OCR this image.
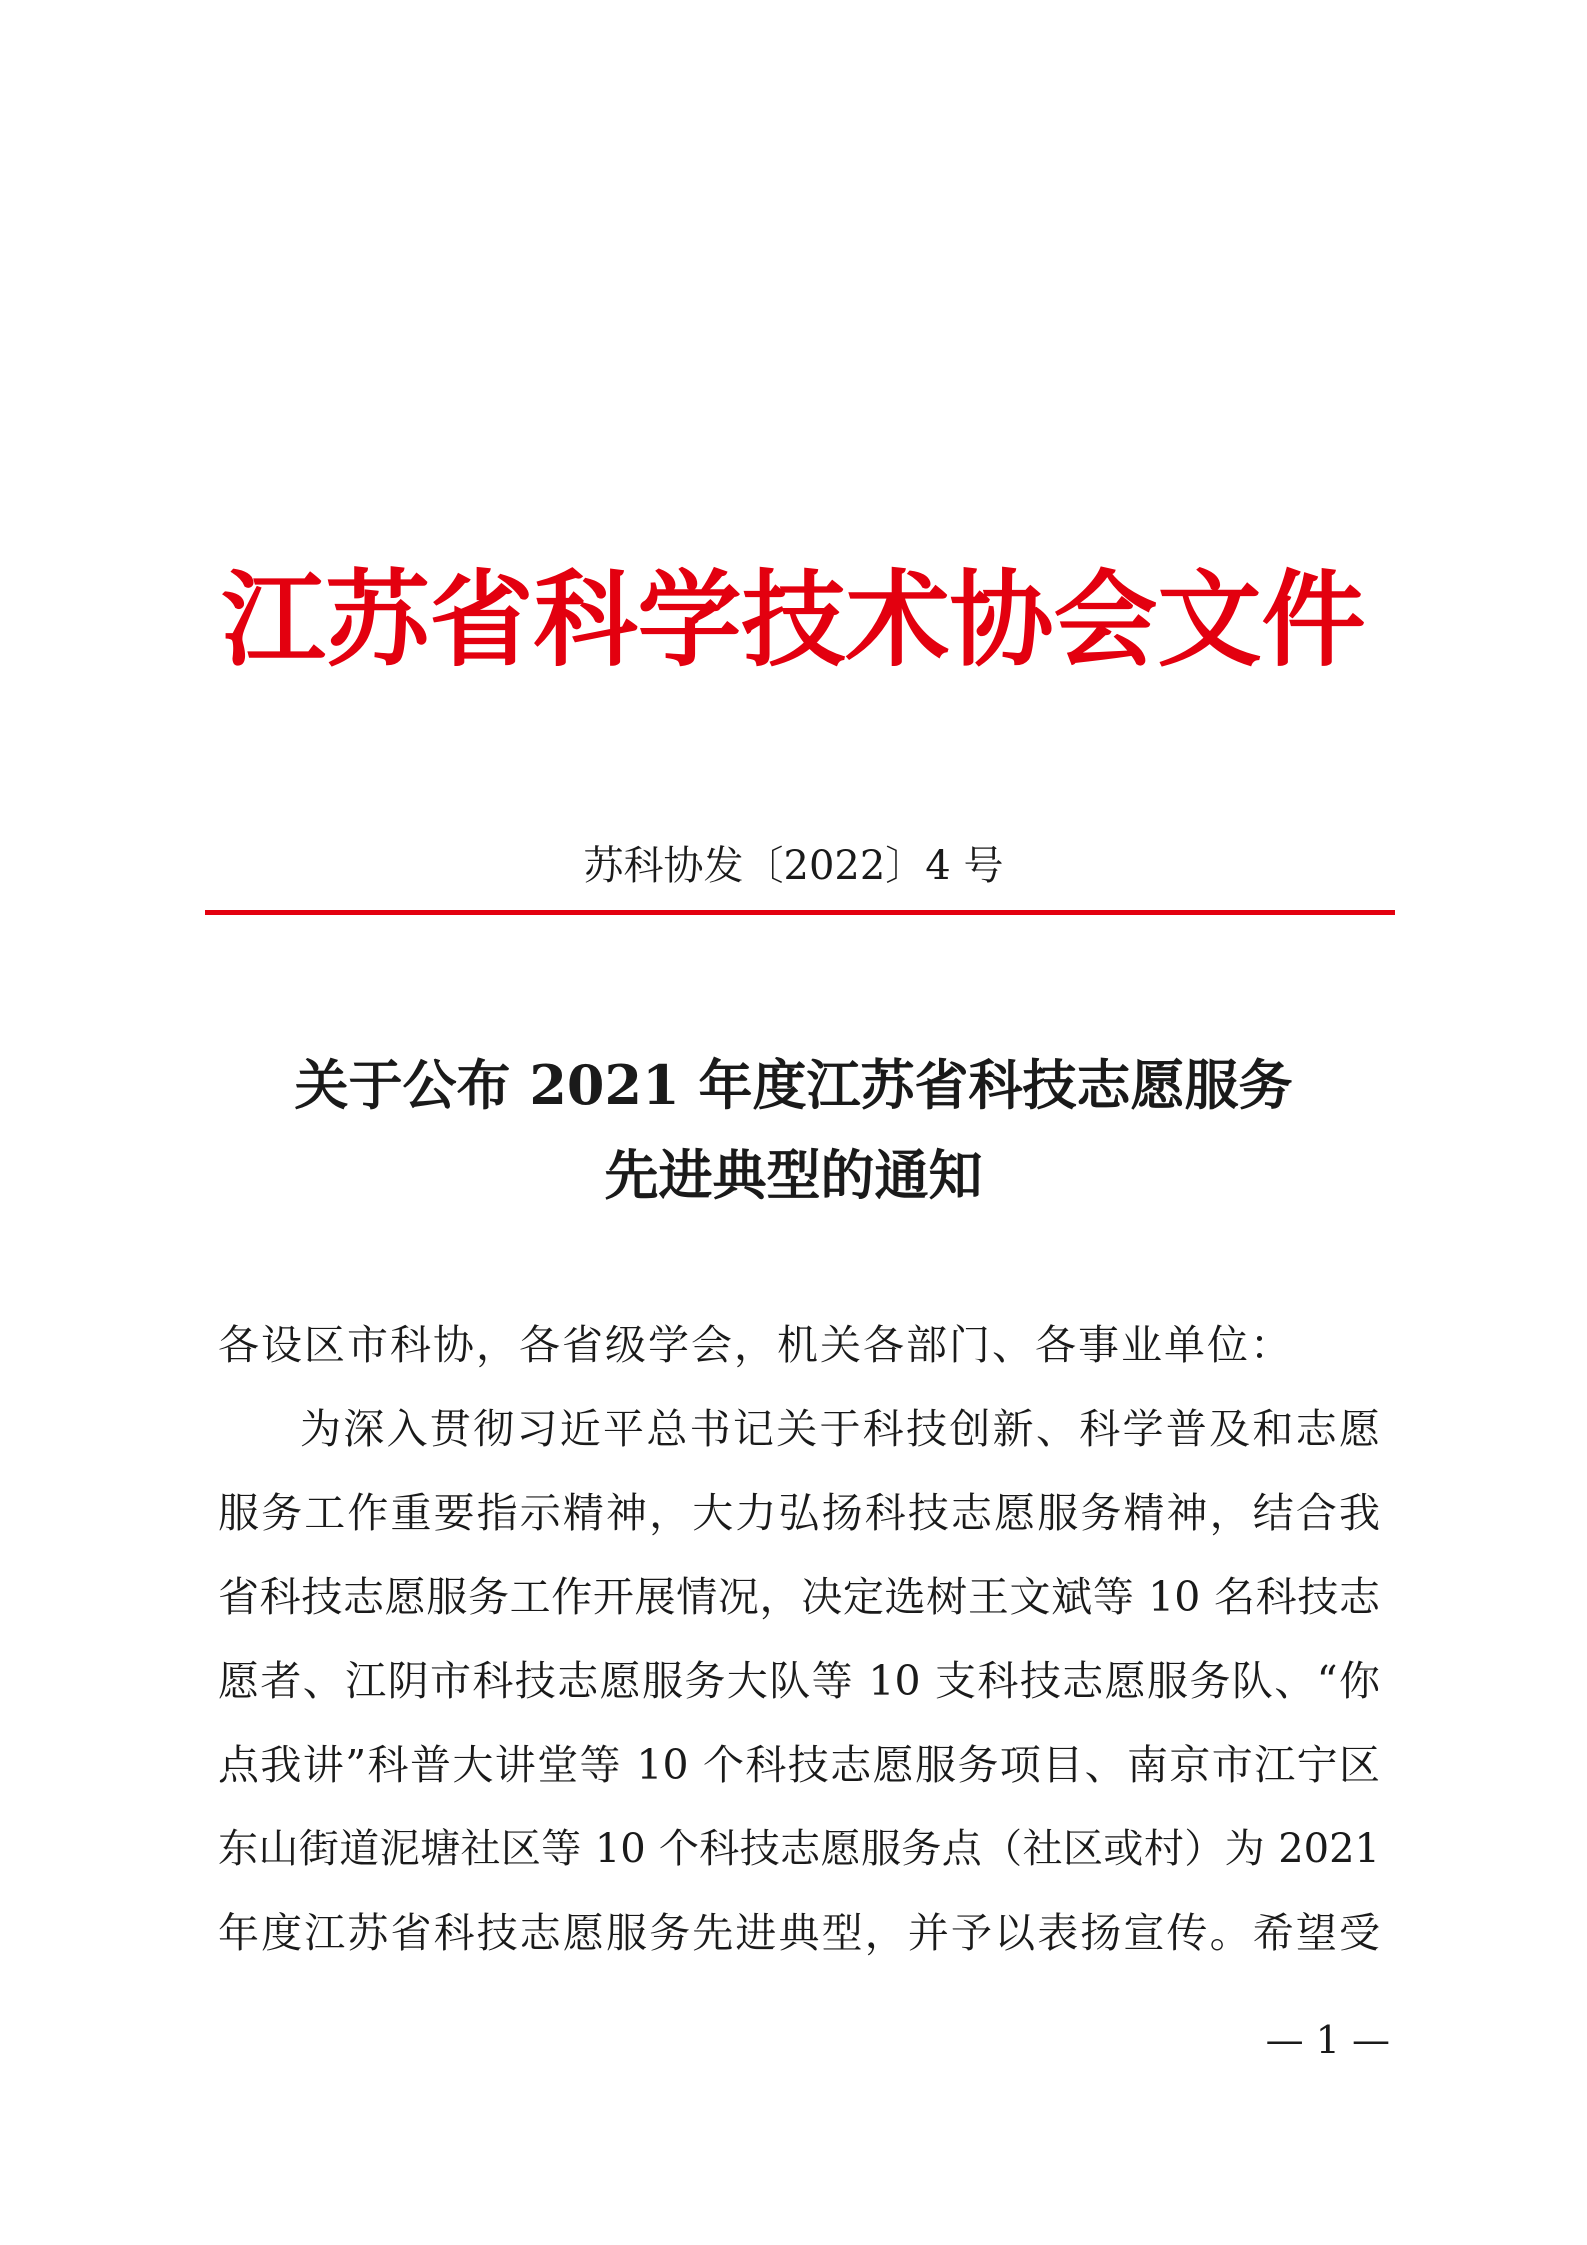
江苏省科学技术协会文件
苏科协发〔2022〕4 号
关于公布 2021 年度江苏省科技志愿服务
先进典型的通知
各设区市科协，各省级学会，机关各部门、各事业单位：
为深入贯彻习近平总书记关于科技创新、科学普及和志愿
服务工作重要指示精神，大力弘扬科技志愿服务精神，结合我
省科技志愿服务工作开展情况，决定选树王文斌等 10 名科技志
愿者、江阴市科技志愿服务大队等 10 支科技志愿服务队、“你
点我讲”科普大讲堂等 10 个科技志愿服务项目、南京市江宁区
东山街道泥塘社区等 10 个科技志愿服务点（社区或村）为 2021
年度江苏省科技志愿服务先进典型，并予以表扬宣传。希望受
— 1 —
